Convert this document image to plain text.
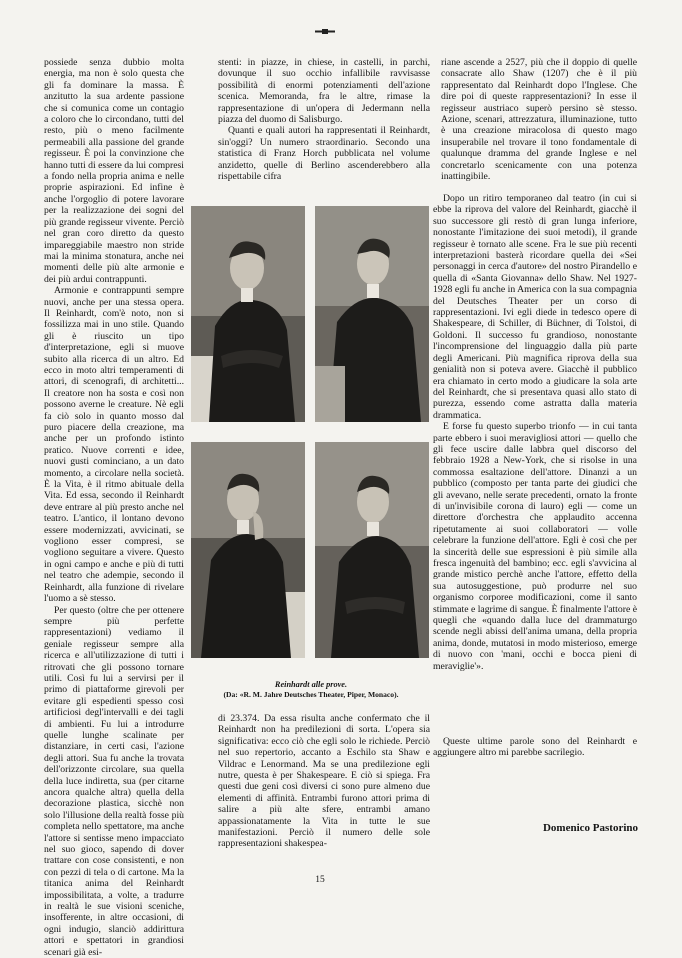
possiede senza dubbio molta energia, ma non è solo questa che gli fa dominare la massa. È anzitutto la sua ardente passione che si comunica come un contagio a coloro che lo circondano, tutti del resto, più o meno facilmente permeabili alla passione del grande regisseur. È poi la convinzione che hanno tutti di essere da lui compresi a fondo nella propria anima e nelle proprie aspirazioni. Ed infine è anche l'orgoglio di potere lavorare per la realizzazione dei sogni del più grande regisseur vivente. Perciò nel gran coro diretto da questo impareggiabile maestro non stride mai la minima stonatura, anche nei momenti delle più alte armonie e dei più ardui contrappunti.

Armonie e contrappunti sempre nuovi, anche per una stessa opera. Il Reinhardt, com'è noto, non si fossilizza mai in uno stile. Quando gli è riuscito un tipo d'interpretazione, egli si muove subito alla ricerca di un altro. Ed ecco in moto altri temperamenti di attori, di scenografi, di architetti... Il creatore non ha sosta e così non possono averne le creature. Nè egli fa ciò solo in quanto mosso dal puro piacere della creazione, ma anche per un profondo istinto pratico. Nuove correnti e idee, nuovi gusti cominciano, a un dato momento, a circolare nella società. È la Vita, è il ritmo abituale della Vita. Ed essa, secondo il Reinhardt deve entrare al più presto anche nel teatro. L'antico, il lontano devono essere modernizzati, avvicinati, se vogliono esser compresi, se vogliono seguitare a vivere. Questo in ogni campo e anche e più di tutti nel teatro che adempie, secondo il Reinhardt, alla funzione di rivelare l'uomo a sè stesso.

Per questo (oltre che per ottenere sempre più perfette rappresentazioni) vediamo il geniale regisseur sempre alla ricerca e all'utilizzazione di tutti i ritrovati che gli possono tornare utili. Così fu lui a servirsi per il primo di piattaforme girevoli per evitare gli espedienti spesso così artificiosi degl'intervalli e dei tagli di ambienti. Fu lui a introdurre quelle lunghe scalinate per distanziare, in certi casi, l'azione degli attori. Sua fu anche la trovata dell'orizzonte circolare, sua quella della luce indiretta, sua (per citarne ancora qualche altra) quella della decorazione plastica, sicchè non solo l'illusione della realtà fosse più completa nello spettatore, ma anche l'attore si sentisse meno impacciato nel suo gioco, sapendo di dover trattare con cose consistenti, e non con pezzi di tela o di cartone. Ma la titanica anima del Reinhardt impossibilitata, a volte, a tradurre in realtà le sue visioni sceniche, insofferente, in altre occasioni, di ogni indugio, slanciò addirittura attori e spettatori in grandiosi scenari già esi-

stenti: in piazze, in chiese, in castelli, in parchi, dovunque il suo occhio infallibile ravvisasse possibilità di enormi potenziamenti dell'azione scenica. Memoranda, fra le altre, rimase la rappresentazione di un'opera di Jedermann nella piazza del duomo di Salisburgo.

Quanti e quali autori ha rappresentati il Reinhardt, sin'oggi? Un numero straordinario. Secondo una statistica di Franz Horch pubblicata nel volume anzidetto, quelle di Berlino ascenderebbero alla rispettabile cifra

riane ascende a 2527, più che il doppio di quelle consacrate allo Shaw (1207) che è il più rappresentato dal Reinhardt dopo l'Inglese. Che dire poi di queste rappresentazioni? In esse il regisseur austriaco superò persino sè stesso. Azione, scenari, attrezzatura, illuminazione, tutto è una creazione miracolosa di questo mago insuperabile nel trovare il tono fondamentale di qualunque dramma del grande Inglese e nel concretarlo scenicamente con una potenza inattingibile.

Dopo un ritiro temporaneo dal teatro (in cui si ebbe la riprova del valore del Reinhardt, giacchè il suo successore gli restò di gran lunga inferiore, nonostante l'imitazione dei suoi metodi), il grande regisseur è tornato alle scene. Fra le sue più recenti interpretazioni basterà ricordare quella dei «Sei personaggi in cerca d'autore» del nostro Pirandello e quella di «Santa Giovanna» dello Shaw. Nel 1927-1928 egli fu anche in America con la sua compagnia del Deutsches Theater per un corso di rappresentazioni. Ivi egli diede in tedesco opere di Shakespeare, di Schiller, di Büchner, di Tolstoi, di Goldoni. Il successo fu grandioso, nonostante l'incomprensione del linguaggio dalla più parte degli Americani. Più magnifica riprova della sua genialità non si poteva avere. Giacchè il pubblico era chiamato in certo modo a giudicare la sola arte del Reinhardt, che si presentava quasi allo stato di purezza, essendo come astratta dalla materia drammatica.

E forse fu questo superbo trionfo — in cui tanta parte ebbero i suoi meravigliosi attori — quello che gli fece uscire dalle labbra quel discorso del febbraio 1928 a New-York, che si risolse in una commossa esaltazione dell'attore. Dinanzi a un pubblico (composto per tanta parte dei giudici che gli avevano, nelle serate precedenti, ornato la fronte di un'invisibile corona di lauro) egli — come un direttore d'orchestra che applaudito accenna ripetutamente ai suoi collaboratori — volle celebrare la funzione dell'attore. Egli è così che per la sincerità delle sue espressioni è più simile alla fresca ingenuità del bambino; ecc. egli s'avvicina al grande mistico perchè anche l'attore, effetto della sua autosuggestione, può produrre nel suo organismo corporee modificazioni, come il santo stimmate e lagrime di sangue. È finalmente l'attore è quegli che «quando dalla luce del drammaturgo scende negli abissi dell'anima umana, della propria anima, donde, mutatosi in modo misterioso, emerge di nuovo con 'mani, occhi e bocca pieni di meraviglie'».

Reinhardt alle prove.
(Da: «R. M. Jahre Deutsches Theater, Piper, Monaco).

di 23.374. Da essa risulta anche confermato che il Reinhardt non ha predilezioni di sorta. L'opera sia significativa: ecco ciò che egli solo le richiede. Perciò nel suo repertorio, accanto a Eschilo sta Shaw e Vildrac e Lenormand. Ma se una predilezione egli nutre, questa è per Shakespeare. E ciò si spiega. Fra questi due geni così diversi ci sono pure almeno due elementi di affinità. Entrambi furono attori prima di salire a più alte sfere, entrambi amano appassionatamente la Vita in tutte le sue manifestazioni. Perciò il numero delle sole rappresentazioni shakespea-

Queste ultime parole sono del Reinhardt e aggiungere altro mi parebbe sacrilegio.

Domenico Pastorino
15
